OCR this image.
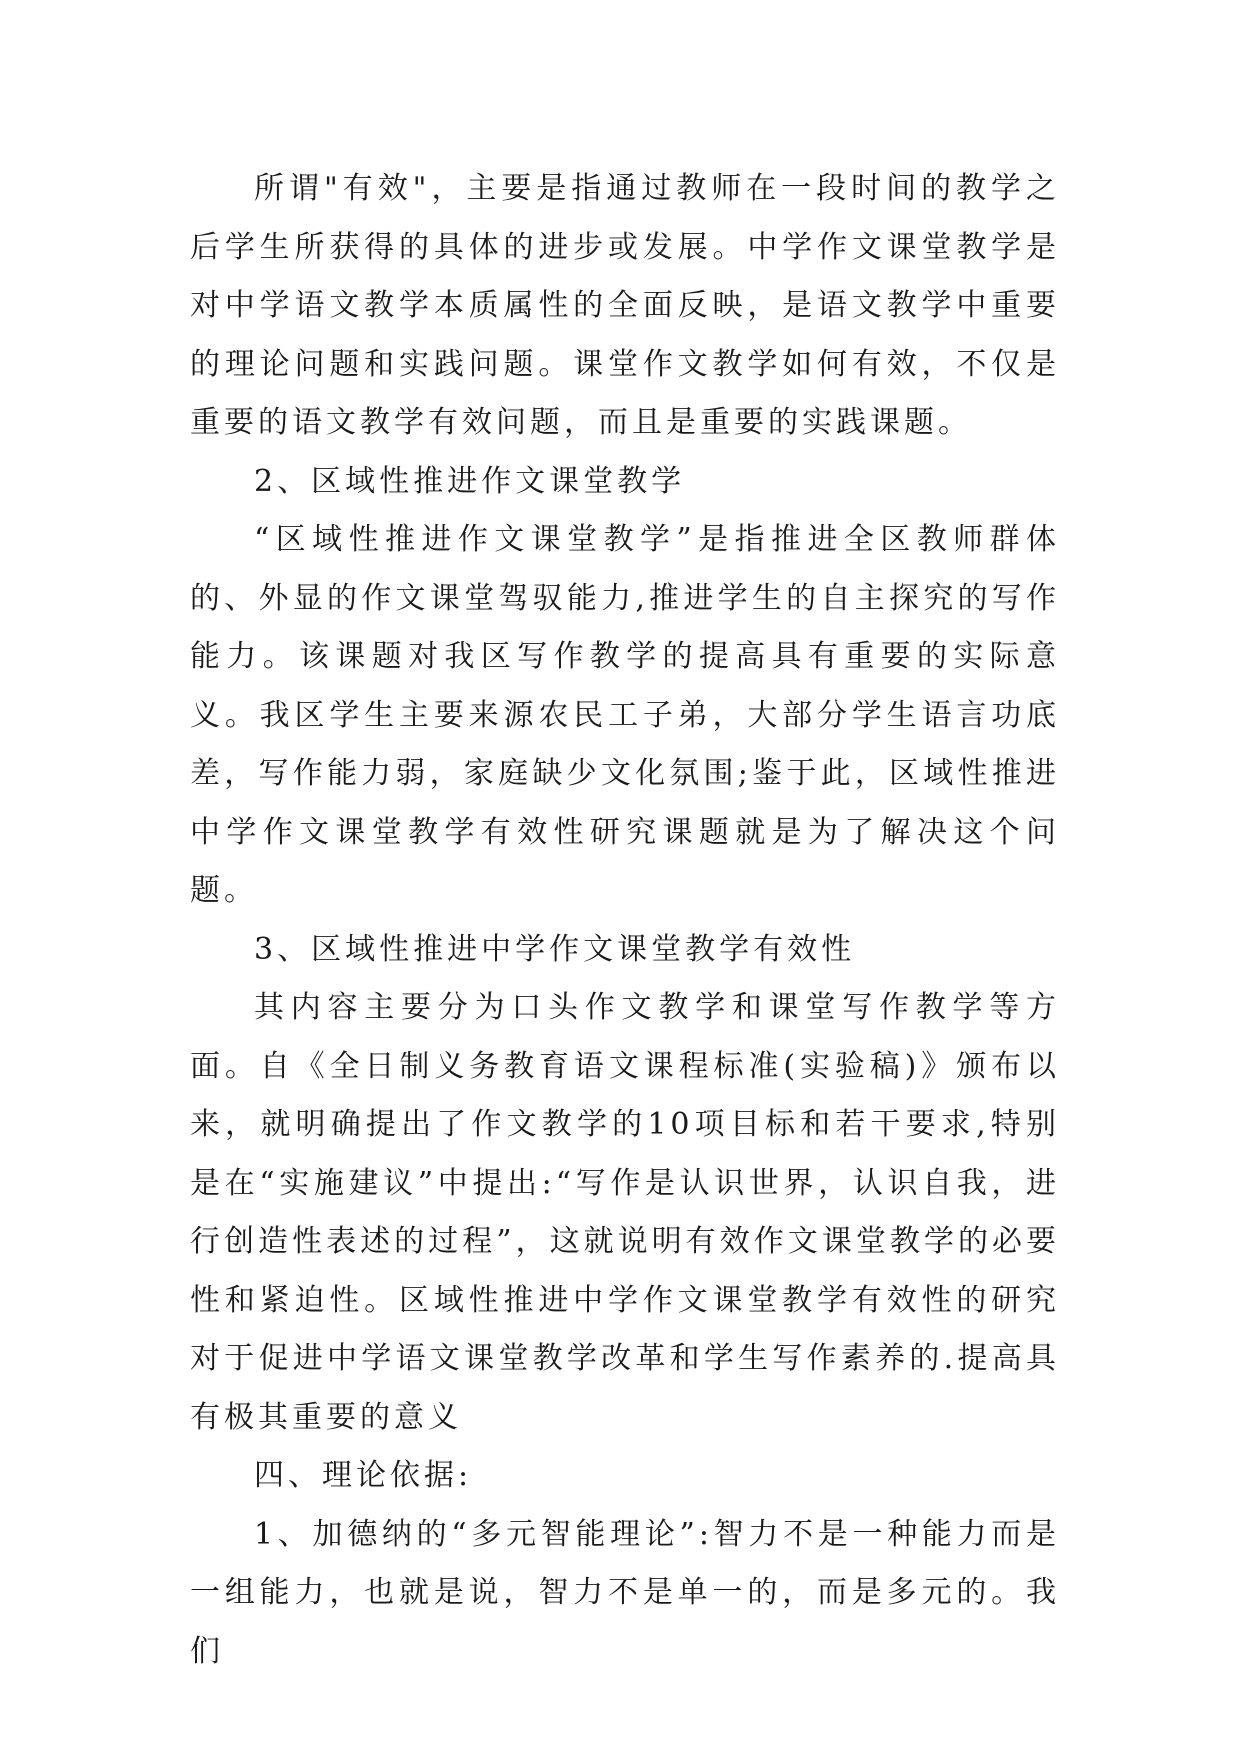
所谓"有效"，主要是指通过教师在一段时间的教学之后学生所获得的具体的进步或发展。中学作文课堂教学是对中学语文教学本质属性的全面反映，是语文教学中重要的理论问题和实践问题。课堂作文教学如何有效，不仅是重要的语文教学有效问题，而且是重要的实践课题。

2、区域性推进作文课堂教学

“区域性推进作文课堂教学”是指推进全区教师群体的、外显的作文课堂驾驭能力,推进学生的自主探究的写作能力。该课题对我区写作教学的提高具有重要的实际意义。我区学生主要来源农民工子弟，大部分学生语言功底差，写作能力弱，家庭缺少文化氛围;鉴于此，区域性推进中学作文课堂教学有效性研究课题就是为了解决这个问题。

3、区域性推进中学作文课堂教学有效性

其内容主要分为口头作文教学和课堂写作教学等方面。自《全日制义务教育语文课程标准(实验稿)》颁布以来，就明确提出了作文教学的10项目标和若干要求,特别是在“实施建议”中提出:“写作是认识世界，认识自我，进行创造性表述的过程”，这就说明有效作文课堂教学的必要性和紧迫性。区域性推进中学作文课堂教学有效性的研究对于促进中学语文课堂教学改革和学生写作素养的.提高具有极其重要的意义

四、理论依据:

1、加德纳的“多元智能理论”:智力不是一种能力而是一组能力，也就是说，智力不是单一的，而是多元的。我们
